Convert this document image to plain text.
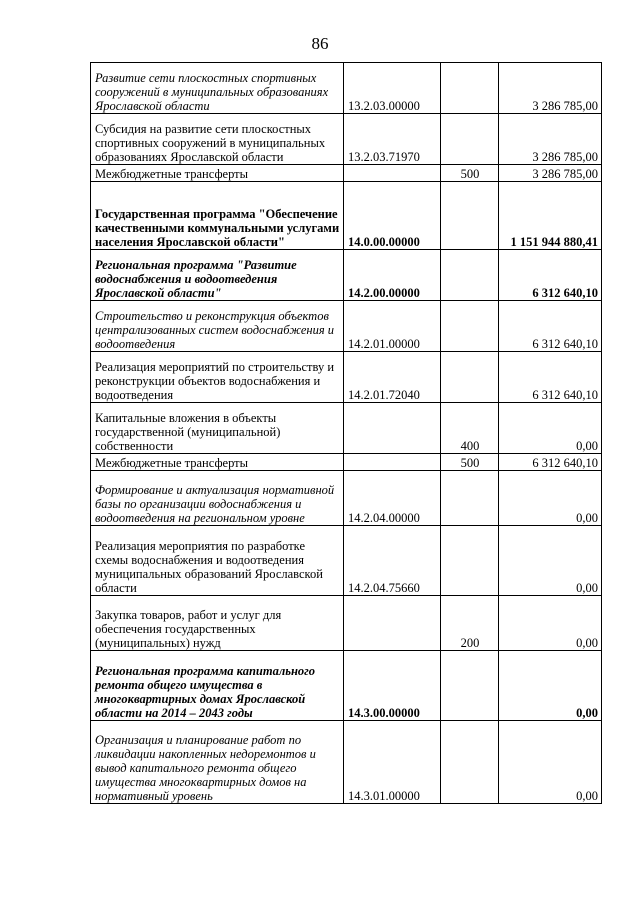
86
Развитие сети плоскостных спортивных сооружений в муниципальных образованиях Ярославской области	13.2.03.00000		3 286 785,00
Субсидия на развитие сети плоскостных спортивных сооружений в муниципальных образованиях Ярославской области	13.2.03.71970		3 286 785,00
Межбюджетные трансферты		500	3 286 785,00
Государственная программа "Обеспечение качественными коммунальными услугами населения Ярославской области"	14.0.00.00000		1 151 944 880,41
Региональная программа "Развитие водоснабжения и водоотведения Ярославской области"	14.2.00.00000		6 312 640,10
Строительство и реконструкция объектов централизованных систем водоснабжения и водоотведения	14.2.01.00000		6 312 640,10
Реализация мероприятий по строительству и реконструкции объектов водоснабжения и водоотведения	14.2.01.72040		6 312 640,10
Капитальные вложения в объекты государственной (муниципальной) собственности		400	0,00
Межбюджетные трансферты		500	6 312 640,10
Формирование и актуализация нормативной базы по организации водоснабжения и водоотведения на региональном уровне	14.2.04.00000		0,00
Реализация мероприятия по разработке схемы водоснабжения и водоотведения муниципальных образований Ярославской области	14.2.04.75660		0,00
Закупка товаров, работ и услуг для обеспечения государственных (муниципальных) нужд		200	0,00
Региональная программа капитального ремонта общего имущества в многоквартирных домах Ярославской области на 2014 – 2043 годы	14.3.00.00000		0,00
Организация и планирование работ по ликвидации накопленных недоремонтов и вывод капитального ремонта общего имущества многоквартирных домов на нормативный уровень	14.3.01.00000		0,00
